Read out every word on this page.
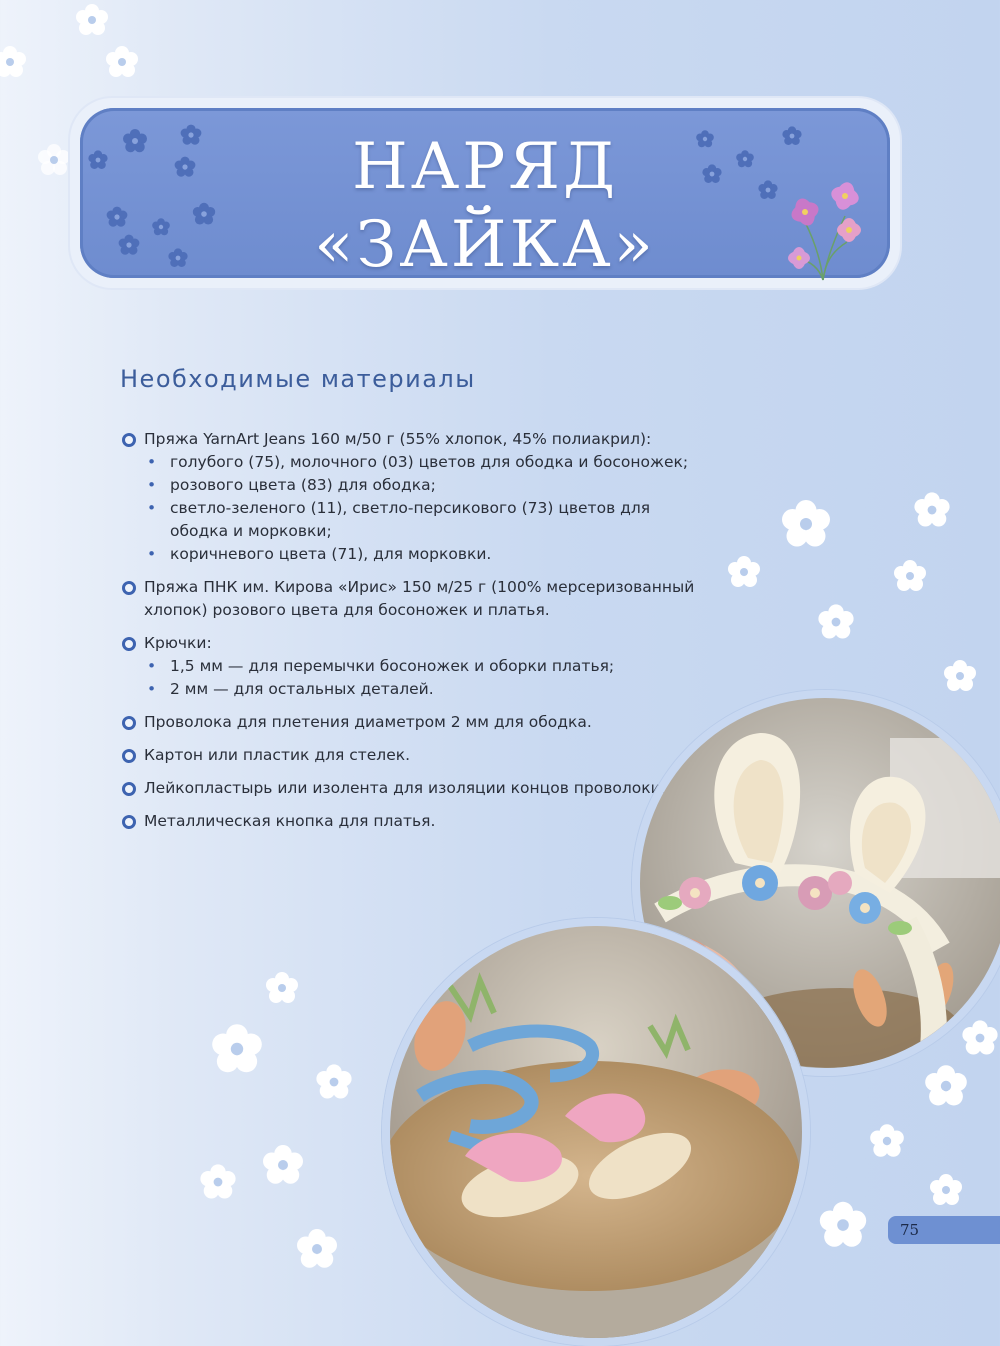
НАРЯД
«ЗАЙКА»
Необходимые материалы
Пряжа YarnArt Jeans 160 м/50 г (55% хлопок, 45% полиакрил):
• голубого (75), молочного (03) цветов для ободка и босоножек;
• розового цвета (83) для ободка;
• светло-зеленого (11), светло-персикового (73) цветов для ободка и морковки;
• коричневого цвета (71), для морковки.
Пряжа ПНК им. Кирова «Ирис» 150 м/25 г (100% мерсеризованный хлопок) розового цвета для босоножек и платья.
Крючки:
• 1,5 мм — для перемычки босоножек и оборки платья;
• 2 мм — для остальных деталей.
Проволока для плетения диаметром 2 мм для ободка.
Картон или пластик для стелек.
Лейкопластырь или изолента для изоляции концов проволоки.
Металлическая кнопка для платья.
75
